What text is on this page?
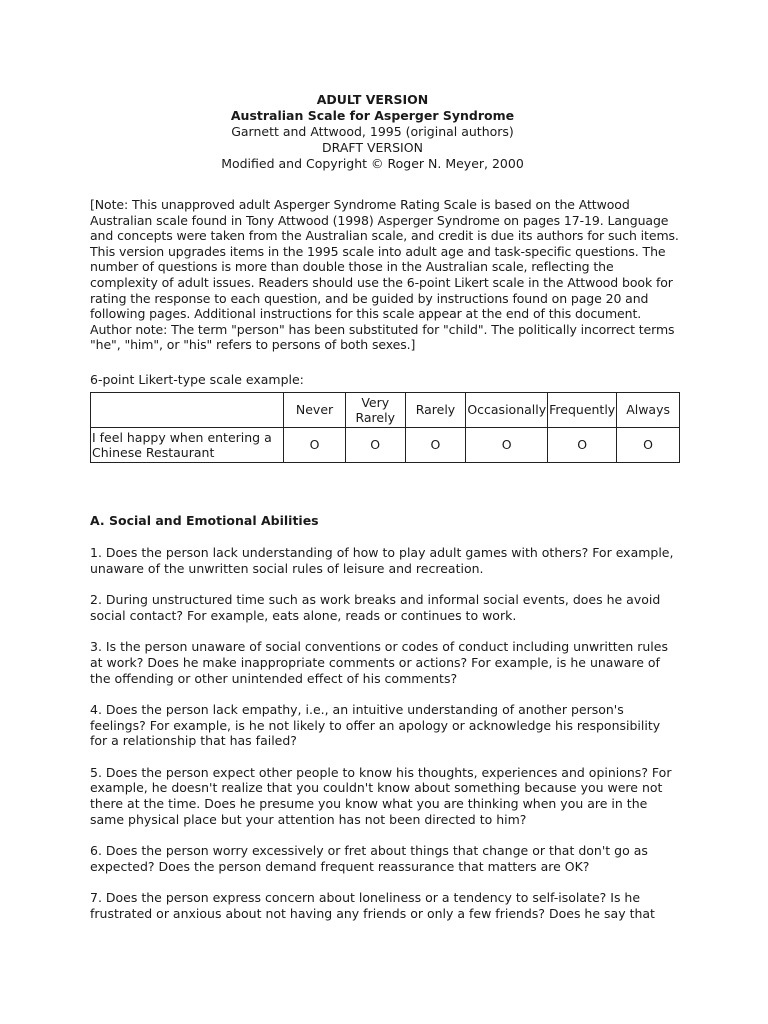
ADULT VERSION
Australian Scale for Asperger Syndrome
Garnett and Attwood, 1995 (original authors)
DRAFT VERSION
Modified and Copyright © Roger N. Meyer, 2000
[Note: This unapproved adult Asperger Syndrome Rating Scale is based on the Attwood Australian scale found in Tony Attwood (1998) Asperger Syndrome on pages 17-19. Language and concepts were taken from the Australian scale, and credit is due its authors for such items. This version upgrades items in the 1995 scale into adult age and task-specific questions. The number of questions is more than double those in the Australian scale, reflecting the complexity of adult issues. Readers should use the 6-point Likert scale in the Attwood book for rating the response to each question, and be guided by instructions found on page 20 and following pages. Additional instructions for this scale appear at the end of this document. Author note: The term "person" has been substituted for "child". The politically incorrect terms "he", "him", or "his" refers to persons of both sexes.]
6-point Likert-type scale example:
	Never	Very Rarely	Rarely	Occasionally	Frequently	Always
I feel happy when entering a Chinese Restaurant	O	O	O	O	O	O
A. Social and Emotional Abilities
1. Does the person lack understanding of how to play adult games with others? For example, unaware of the unwritten social rules of leisure and recreation.
2. During unstructured time such as work breaks and informal social events, does he avoid social contact? For example, eats alone, reads or continues to work.
3. Is the person unaware of social conventions or codes of conduct including unwritten rules at work? Does he make inappropriate comments or actions? For example, is he unaware of the offending or other unintended effect of his comments?
4. Does the person lack empathy, i.e., an intuitive understanding of another person's feelings? For example, is he not likely to offer an apology or acknowledge his responsibility for a relationship that has failed?
5. Does the person expect other people to know his thoughts, experiences and opinions? For example, he doesn't realize that you couldn't know about something because you were not there at the time. Does he presume you know what you are thinking when you are in the same physical place but your attention has not been directed to him?
6. Does the person worry excessively or fret about things that change or that don't go as expected? Does the person demand frequent reassurance that matters are OK?
7. Does the person express concern about loneliness or a tendency to self-isolate? Is he frustrated or anxious about not having any friends or only a few friends? Does he say that
